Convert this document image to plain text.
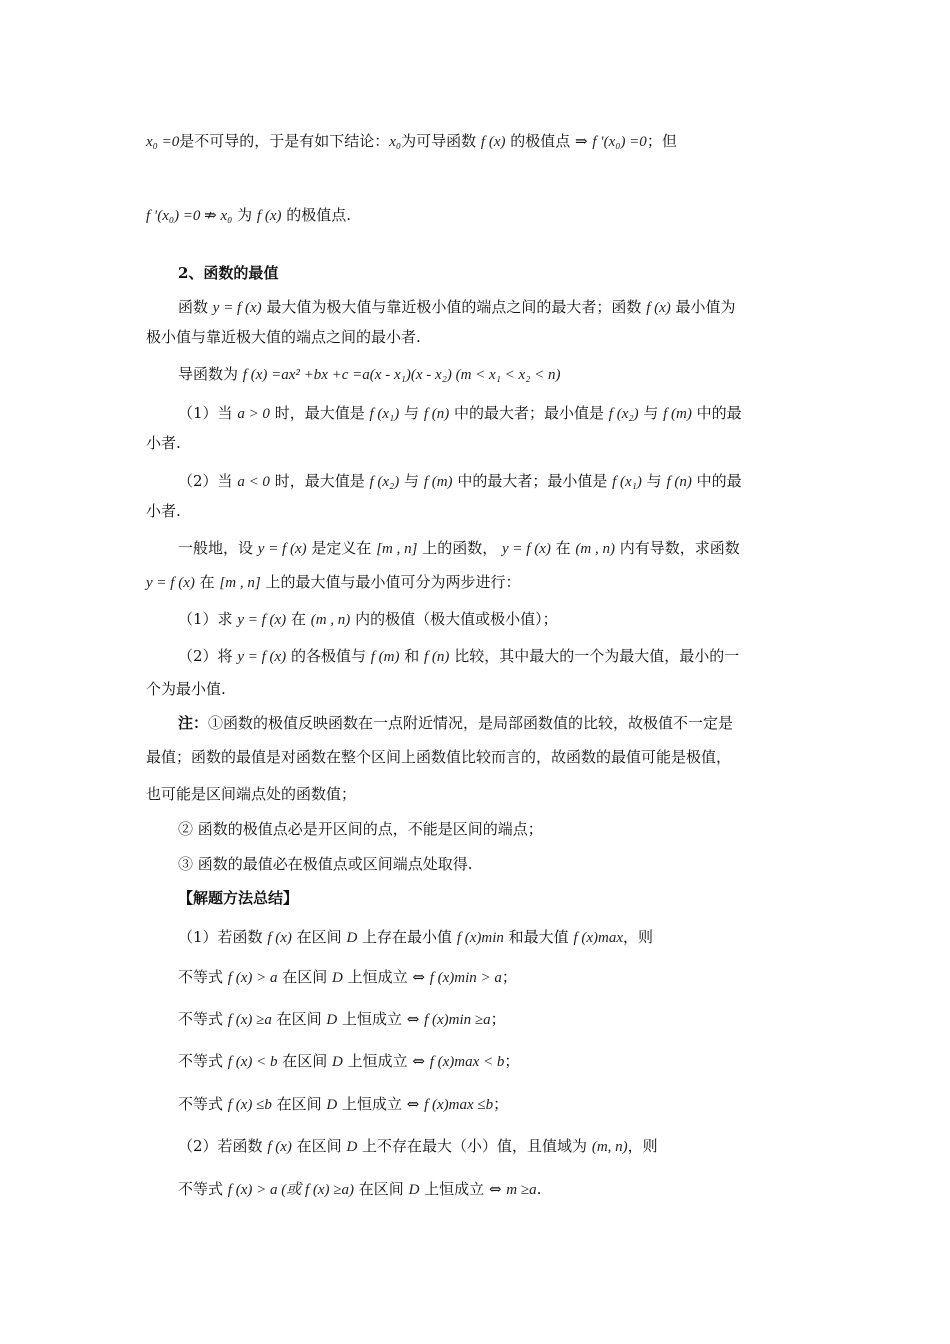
x₀ =0是不可导的，于是有如下结论：x₀为可导函数 f (x) 的极值点 ⇒ f ′(x₀) =0；但
f ′(x₀) =0 ⇏ x₀ 为 f (x) 的极值点.
2、函数的最值
函数 y = f (x) 最大值为极大值与靠近极小值的端点之间的最大者；函数 f (x) 最小值为
极小值与靠近极大值的端点之间的最小者.
导函数为 f (x) =ax² +bx +c =a(x - x₁)(x - x₂) (m < x₁ < x₂ < n)
（1）当 a > 0 时，最大值是 f (x₁) 与 f (n) 中的最大者；最小值是 f (x₂) 与 f (m) 中的最
小者.
（2）当 a < 0 时，最大值是 f (x₂) 与 f (m) 中的最大者；最小值是 f (x₁) 与 f (n) 中的最
小者.
一般地，设 y = f (x) 是定义在 [m , n] 上的函数， y = f (x) 在 (m , n) 内有导数，求函数
y = f (x) 在 [m , n] 上的最大值与最小值可分为两步进行：
（1）求 y = f (x) 在 (m , n) 内的极值（极大值或极小值）；
（2）将 y = f (x) 的各极值与 f (m) 和 f (n) 比较，其中最大的一个为最大值，最小的一
个为最小值.
注：①函数的极值反映函数在一点附近情况，是局部函数值的比较，故极值不一定是
最值；函数的最值是对函数在整个区间上函数值比较而言的，故函数的最值可能是极值，
也可能是区间端点处的函数值；
② 函数的极值点必是开区间的点，不能是区间的端点；
③ 函数的最值必在极值点或区间端点处取得.
【解题方法总结】
（1）若函数 f (x) 在区间 D 上存在最小值 f (x)min 和最大值 f (x)max，则
不等式 f (x) > a 在区间 D 上恒成立 ⇔ f (x)min > a；
不等式 f (x) ≥a 在区间 D 上恒成立 ⇔ f (x)min ≥a；
不等式 f (x) < b 在区间 D 上恒成立 ⇔ f (x)max < b；
不等式 f (x) ≤b 在区间 D 上恒成立 ⇔ f (x)max ≤b；
（2）若函数 f (x) 在区间 D 上不存在最大（小）值，且值域为 (m, n)，则
不等式 f (x) > a (或 f (x) ≥a) 在区间 D 上恒成立 ⇔ m ≥a.
